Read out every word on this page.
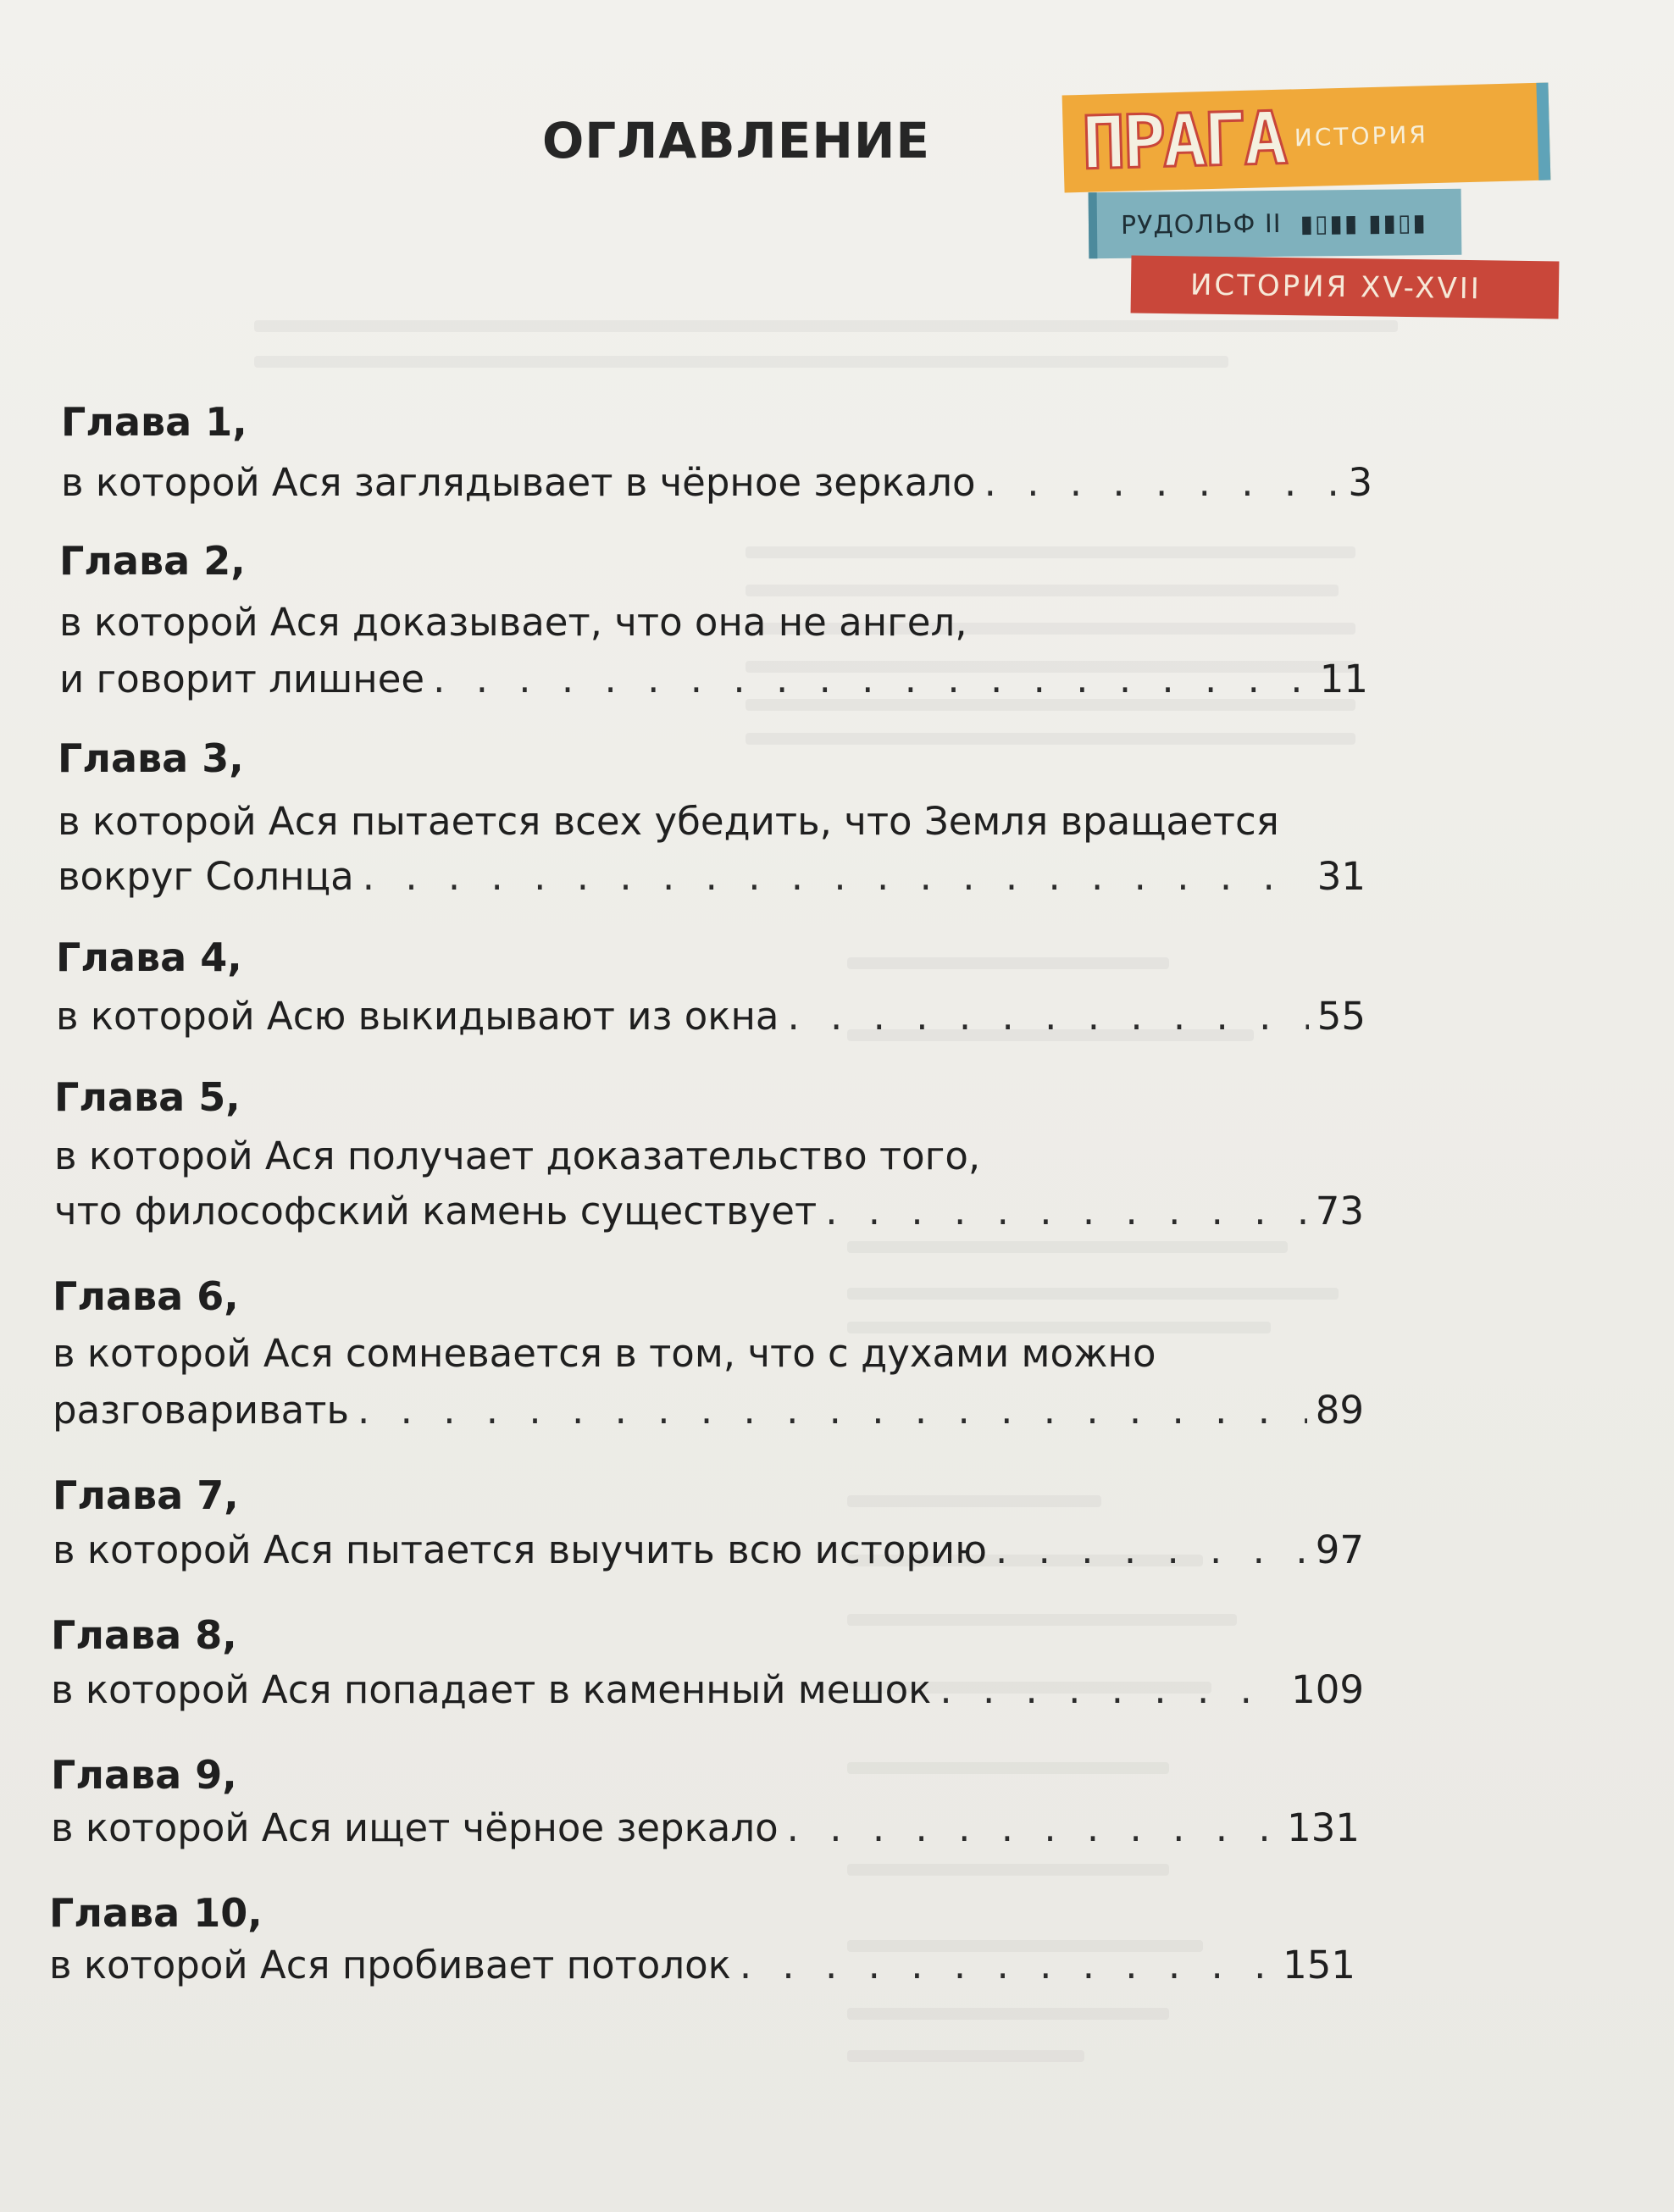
ОГЛАВЛЕНИЕ ПРАГА ИСТОРИЯ
РУДОЛЬФ II ▮▯▮▮ ▮▮▯▮
ИСТОРИЯ XV-XVII
Глава 1,
в которой Ася заглядывает в чёрное зеркало . . .	3
Глава 2,
в которой Ася доказывает, что она не ангел,
и говорит лишнее . . .	11
Глава 3,
в которой Ася пытается всех убедить, что Земля вращается
вокруг Солнца . . .	31
Глава 4,
в которой Асю выкидывают из окна . . .	55
Глава 5,
в которой Ася получает доказательство того,
что философский камень существует . . .	73
Глава 6,
в которой Ася сомневается в том, что с духами можно
разговаривать . . .	89
Глава 7,
в которой Ася пытается выучить всю историю . . .	97
Глава 8,
в которой Ася попадает в каменный мешок . . .	109
Глава 9,
в которой Ася ищет чёрное зеркало . . .	131
Глава 10,
в которой Ася пробивает потолок . . .	151
